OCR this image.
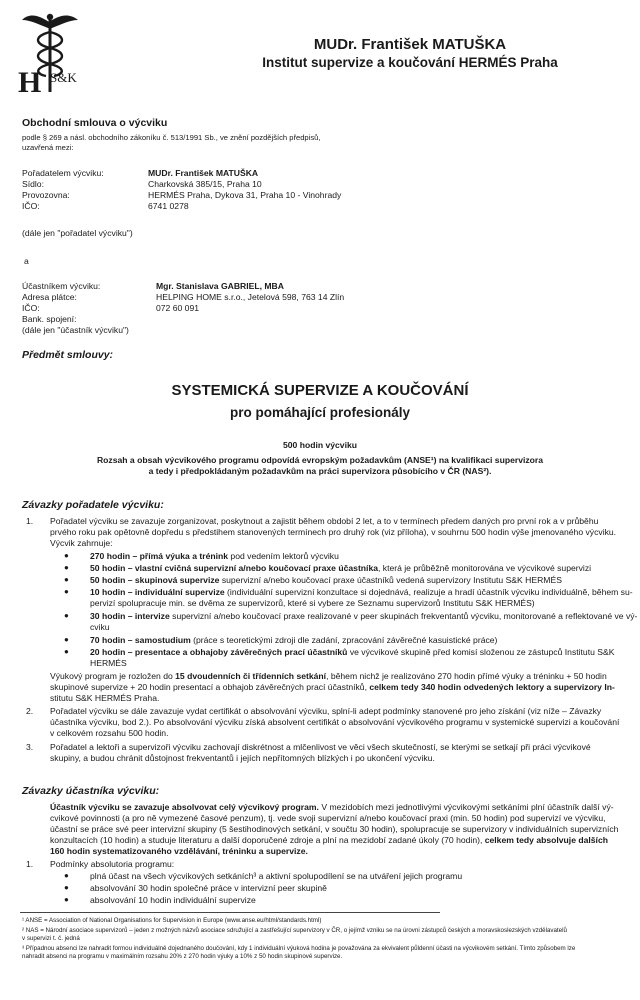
H S&K
MUDr. František MATUŠKA
Institut supervize a koučování HERMÉS Praha
Obchodní smlouva o výcviku
podle § 269 a násl. obchodního zákoníku č. 513/1991 Sb., ve znění pozdějších předpisů,
uzavřená mezi:
Pořadatelem výcviku:	MUDr. František MATUŠKA
Sídlo:	Charkovská 385/15, Praha 10
Provozovna:	HERMÉS Praha, Dykova 31, Praha 10 - Vinohrady
IČO:	6741 0278
(dále jen "pořadatel výcviku")
a
Účastníkem výcviku:	Mgr. Stanislava GABRIEL, MBA
Adresa plátce:	HELPING HOME s.r.o., Jetelová 598, 763 14 Zlín
IČO:	072 60 091
Bank. spojení:
(dále jen "účastník výcviku")
Předmět smlouvy:
SYSTEMICKÁ SUPERVIZE A KOUČOVÁNÍ
pro pomáhající profesionály
500 hodin výcviku
Rozsah a obsah výcvikového programu odpovídá evropským požadavkům (ANSE¹) na kvalifikaci supervizora
a tedy i předpokládaným požadavkům na práci supervizora působícího v ČR (NAS²).
Závazky pořadatele výcviku:
1. Pořadatel výcviku se zavazuje zorganizovat, poskytnout a zajistit během období 2 let, a to v termínech předem daných pro první rok a v průběhu
prvého roku pak opětovně dopředu s předstihem stanovených termínech pro druhý rok (viz příloha), v souhrnu 500 hodin výše jmenovaného výcviku.
Výcvik zahrnuje:
● 270 hodin – přímá výuka a trénink pod vedením lektorů výcviku
● 50 hodin – vlastní cvičná supervizní a/nebo koučovací praxe účastníka, která je průběžně monitorována ve výcvikové supervizi
● 50 hodin – skupinová supervize supervizní a/nebo koučovací praxe účastníků vedená supervizory Institutu S&K HERMÉS
● 10 hodin – individuální supervize (individuální supervizní konzultace si dojednává, realizuje a hradí účastník výcviku individuálně, během su-
pervizí spolupracuje min. se dvěma ze supervizorů, které si vybere ze Seznamu supervizorů Institutu S&K HERMÉS)
● 30 hodin – intervize supervizní a/nebo koučovací praxe realizované v peer skupinách frekventantů výcviku, monitorované a reflektované ve vý-
cviku
● 70 hodin – samostudium (práce s teoretickými zdroji dle zadání, zpracování závěrečné kasuistické práce)
● 20 hodin – presentace a obhajoby závěrečných prací účastníků ve výcvikové skupině před komisí složenou ze zástupců Institutu S&K
HERMÉS
Výukový program je rozložen do 15 dvoudenních či třídenních setkání, během nichž je realizováno 270 hodin přímé výuky a tréninku + 50 hodin
skupinové supervize + 20 hodin presentací a obhajob závěrečných prací účastníků, celkem tedy 340 hodin odvedených lektory a supervizory In-
stitutu S&K HERMÉS Praha.
2. Pořadatel výcviku se dále zavazuje vydat certifikát o absolvování výcviku, splní-li adept podmínky stanovené pro jeho získání (viz níže – Závazky
účastníka výcviku, bod 2.). Po absolvování výcviku získá absolvent certifikát o absolvování výcvikového programu v systemické supervizi a koučování
v celkovém rozsahu 500 hodin.
3. Pořadatel a lektoři a supervizoři výcviku zachovají diskrétnost a mlčenlivost ve věci všech skutečností, se kterými se setkají při práci výcvikové
skupiny, a budou chránit důstojnost frekventantů i jejích nepřítomných blízkých i po ukončení výcviku.
Závazky účastníka výcviku:
Účastník výcviku se zavazuje absolvovat celý výcvikový program. V mezidobích mezi jednotlivými výcvikovými setkáními plní účastník další vý-
cvikové povinnosti (a pro ně vymezené časové penzum), tj. vede svoji supervizní a/nebo koučovací praxi (min. 50 hodin) pod supervizí ve výcviku,
účastní se práce své peer intervizní skupiny (5 šestihodinových setkání, v součtu 30 hodin), spolupracuje se supervizory v individuálních supervizních
konzultacích (10 hodin) a studuje literaturu a další doporučené zdroje a plní na mezidobí zadané úkoly (70 hodin), celkem tedy absolvuje dalších
160 hodin systematizovaného vzdělávání, tréninku a supervize.
1. Podmínky absolutoria programu:
● plná účast na všech výcvikových setkáních³ a aktivní spolupodílení se na utváření jejich programu
● absolvování 30 hodin společné práce v intervizní peer skupině
● absolvování 10 hodin individuální supervize
¹ ANSE = Association of National Organisations for Supervision in Europe (www.anse.eu/html/standards.html)
² NAS = Národní asociace supervizorů – jeden z možných názvů asociace sdružující a zastřešující supervizory v ČR, o jejímž vzniku se na úrovni zástupců českých a moravskoslezských vzdělavatelů
v supervizi t. č. jedná
³ Případnou absenci lze nahradit formou individuálně dojednaného doučování, kdy 1 individuální výuková hodina je považována za ekvivalent půldenní účasti na výcvikovém setkání. Tímto způsobem lze
nahradit absenci na programu v maximálním rozsahu 20% z 270 hodin výuky a 10% z 50 hodin skupinové supervize.
